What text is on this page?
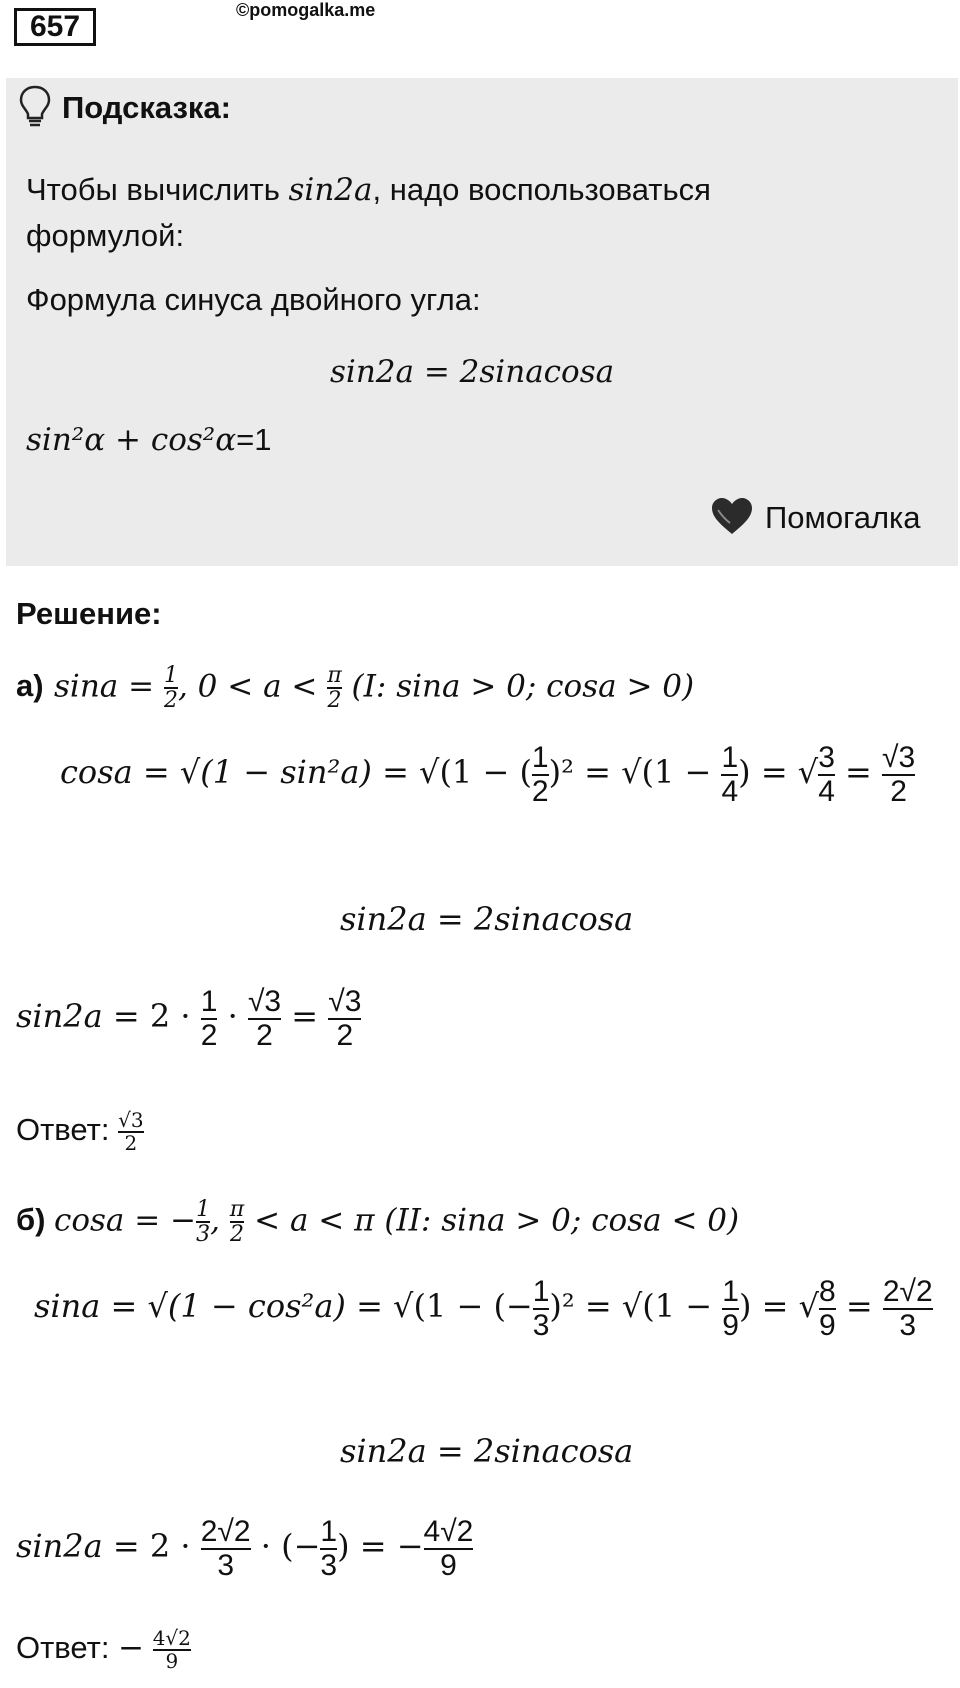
657	©pomogalka.me
Подсказка:
Чтобы вычислить sin2a, надо воспользоваться
формулой:
Формула синуса двойного угла:
sin2a = 2sinacosa
sin²α + cos²α=1
Помогалка
Решение:
а) $\sin a = \frac{1}{2}$ , $0 < a < \frac{\pi}{2} (I$: sina > 0; cosa > 0)
cosa = √(1 − sin²a) = √(1 − ( $\frac{1}{2} )^2 = √(1 - \frac{1}{4}$ ) = √ $\frac{3}{4} = \frac{√3}{2}$
sin2a = 2sinacosa
$\sin 2a = 2 \cdot \frac{1}{2} \cdot \frac{√3}{2} = \frac{√3}{2}$
Ответ: $\frac{√3}{2}$
б) cosa = − $\frac{1}{3}$ , $\frac{\pi}{2} < a < \pi$ (II: sina > 0; cosa < 0)
sina = √(1 − cos²a) = √(1 − (− $\frac{1}{3} )^2 = √(1 - \frac{1}{9}$ ) = √ $\frac{8}{9} = \frac{2√2}{3}$
sin2a = 2sinacosa
$\sin 2a = 2 \cdot \frac{2√2}{3}$ · (− $\frac{1}{3}$ ) = − $\frac{4√2}{9}$
Ответ: − $\frac{4√2}{9}$
